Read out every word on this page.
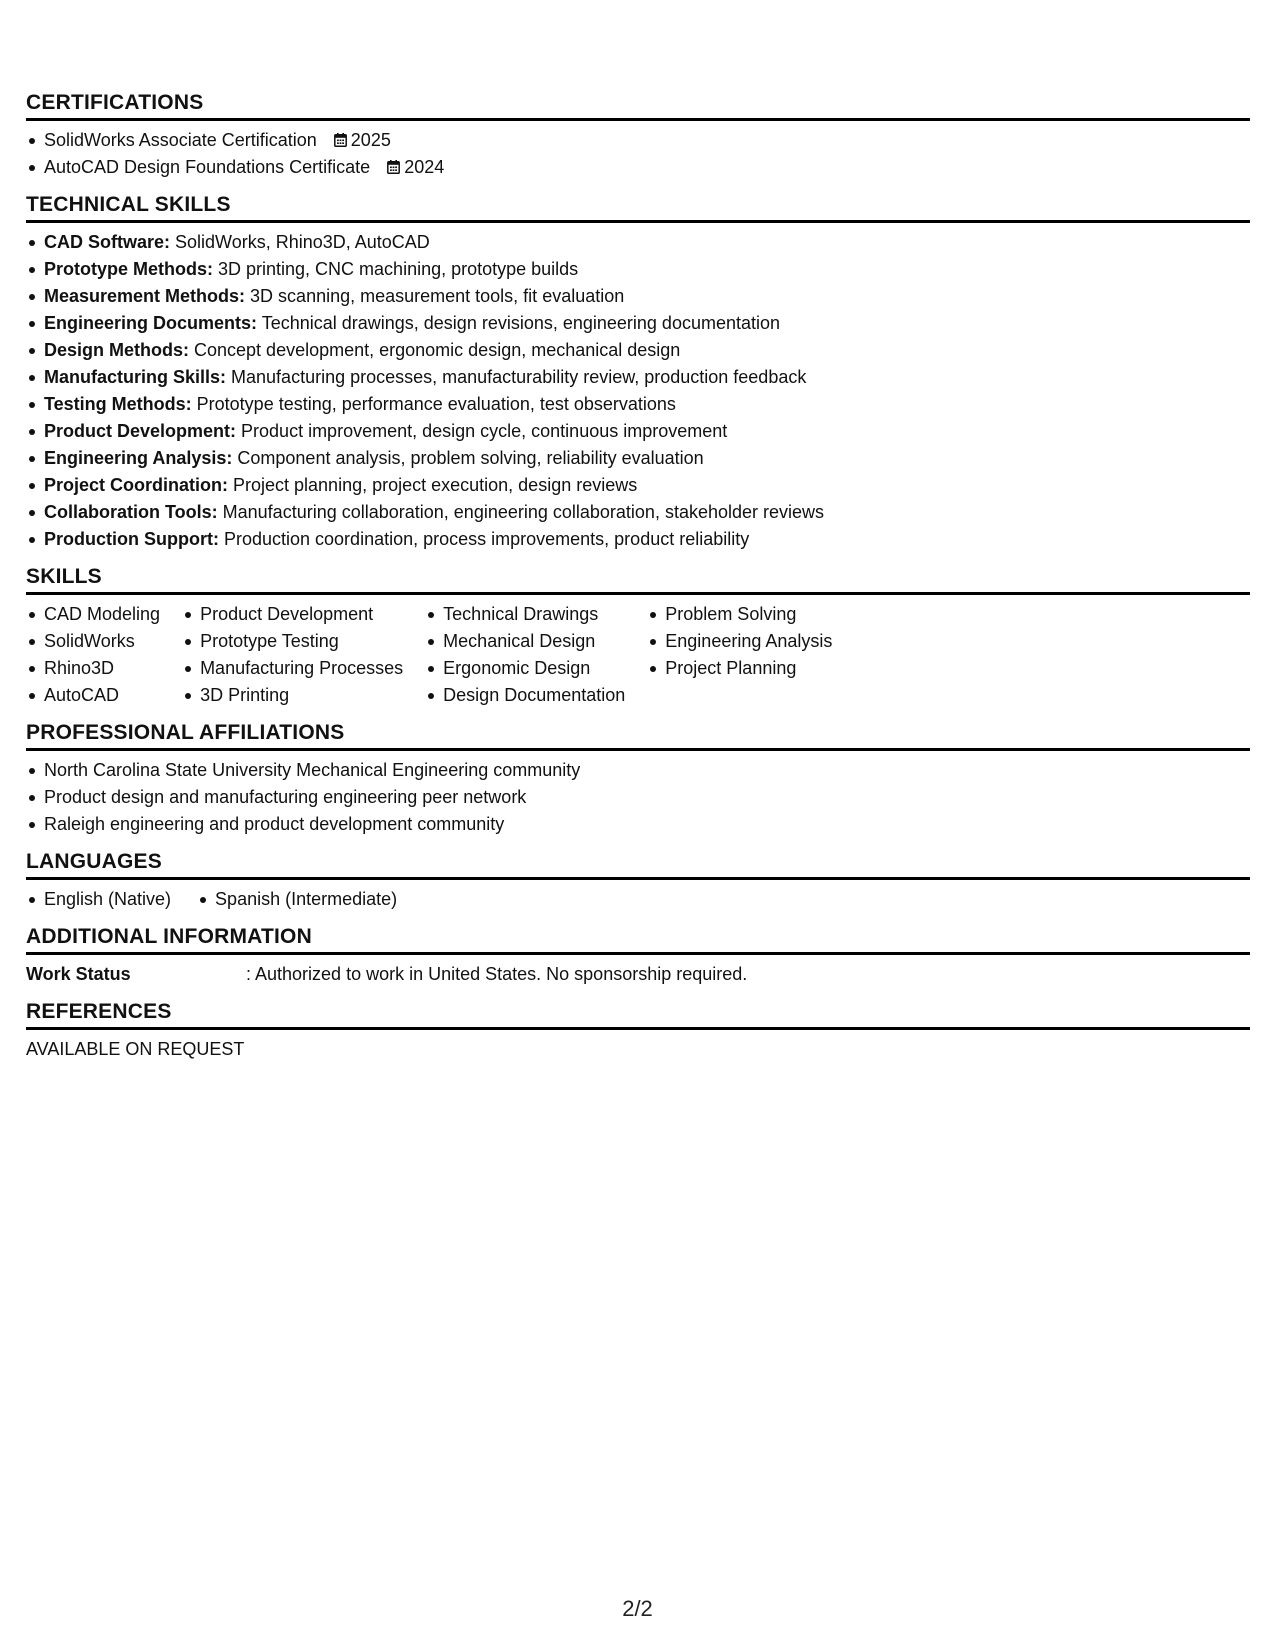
CERTIFICATIONS
SolidWorks Associate Certification 2025
AutoCAD Design Foundations Certificate 2024
TECHNICAL SKILLS
CAD Software: SolidWorks, Rhino3D, AutoCAD
Prototype Methods: 3D printing, CNC machining, prototype builds
Measurement Methods: 3D scanning, measurement tools, fit evaluation
Engineering Documents: Technical drawings, design revisions, engineering documentation
Design Methods: Concept development, ergonomic design, mechanical design
Manufacturing Skills: Manufacturing processes, manufacturability review, production feedback
Testing Methods: Prototype testing, performance evaluation, test observations
Product Development: Product improvement, design cycle, continuous improvement
Engineering Analysis: Component analysis, problem solving, reliability evaluation
Project Coordination: Project planning, project execution, design reviews
Collaboration Tools: Manufacturing collaboration, engineering collaboration, stakeholder reviews
Production Support: Production coordination, process improvements, product reliability
SKILLS
CAD Modeling
SolidWorks
Rhino3D
AutoCAD
Product Development
Prototype Testing
Manufacturing Processes
3D Printing
Technical Drawings
Mechanical Design
Ergonomic Design
Design Documentation
Problem Solving
Engineering Analysis
Project Planning
PROFESSIONAL AFFILIATIONS
North Carolina State University Mechanical Engineering community
Product design and manufacturing engineering peer network
Raleigh engineering and product development community
LANGUAGES
English (Native)	Spanish (Intermediate)
ADDITIONAL INFORMATION
Work Status	: Authorized to work in United States. No sponsorship required.
REFERENCES
AVAILABLE ON REQUEST
2/2
